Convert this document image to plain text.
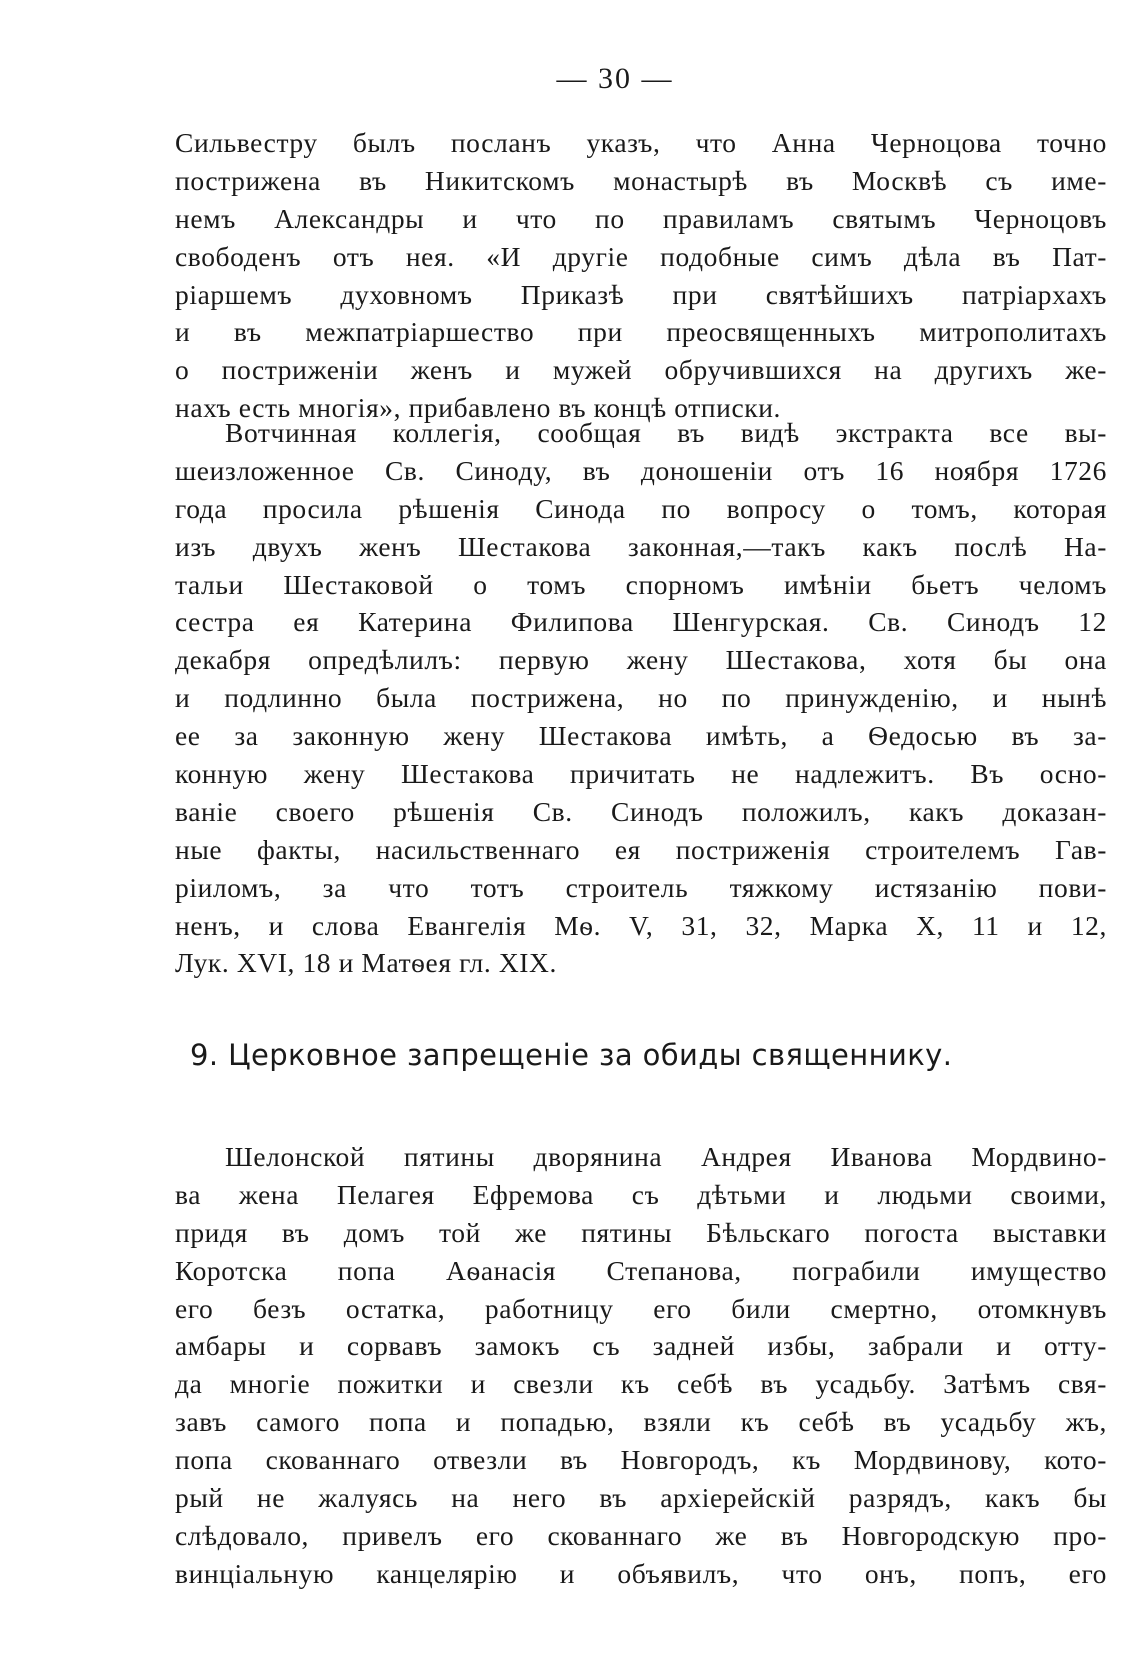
— 30 —
Сильвестру былъ посланъ указъ, что Анна Черноцова точно
пострижена въ Никитскомъ монастырѣ въ Москвѣ съ име-
немъ Александры и что по правиламъ святымъ Черноцовъ
свободенъ отъ нея. «И другіе подобные симъ дѣла въ Пат-
ріаршемъ духовномъ Приказѣ при святѣйшихъ патріархахъ
и въ межпатріаршество при преосвященныхъ митрополитахъ
о постриженіи женъ и мужей обручившихся на другихъ же-
нахъ есть многія», прибавлено въ концѣ отписки.
Вотчинная коллегія, сообщая въ видѣ экстракта все вы-
шеизложенное Св. Синоду, въ доношеніи отъ 16 ноября 1726
года просила рѣшенія Синода по вопросу о томъ, которая
изъ двухъ женъ Шестакова законная,—такъ какъ послѣ На-
тальи Шестаковой о томъ спорномъ имѣніи бьетъ челомъ
сестра ея Катерина Филипова Шенгурская. Св. Синодъ 12
декабря опредѣлилъ: первую жену Шестакова, хотя бы она
и подлинно была пострижена, но по принужденію, и нынѣ
ее за законную жену Шестакова имѣть, а Ѳедосью въ за-
конную жену Шестакова причитать не надлежитъ. Въ осно-
ваніе своего рѣшенія Св. Синодъ положилъ, какъ доказан-
ные факты, насильственнаго ея постриженія строителемъ Гав-
ріиломъ, за что тотъ строитель тяжкому истязанію пови-
ненъ, и слова Евангелія Мѳ. V, 31, 32, Марка X, 11 и 12,
Лук. XVI, 18 и Матѳея гл. XIX.
9. Церковное запрещеніе за обиды священнику.
Шелонской пятины дворянина Андрея Иванова Мордвино-
ва жена Пелагея Ефремова съ дѣтьми и людьми своими,
придя въ домъ той же пятины Бѣльскаго погоста выставки
Коротска попа Аѳанасія Степанова, пограбили имущество
его безъ остатка, работницу его били смертно, отомкнувъ
амбары и сорвавъ замокъ съ задней избы, забрали и отту-
да многіе пожитки и свезли къ себѣ въ усадьбу. Затѣмъ свя-
завъ самого попа и попадью, взяли къ себѣ въ усадьбу жъ,
попа скованнаго отвезли въ Новгородъ, къ Мордвинову, кото-
рый не жалуясь на него въ архіерейскій разрядъ, какъ бы
слѣдовало, привелъ его скованнаго же въ Новгородскую про-
винціальную канцелярію и объявилъ, что онъ, попъ, его
